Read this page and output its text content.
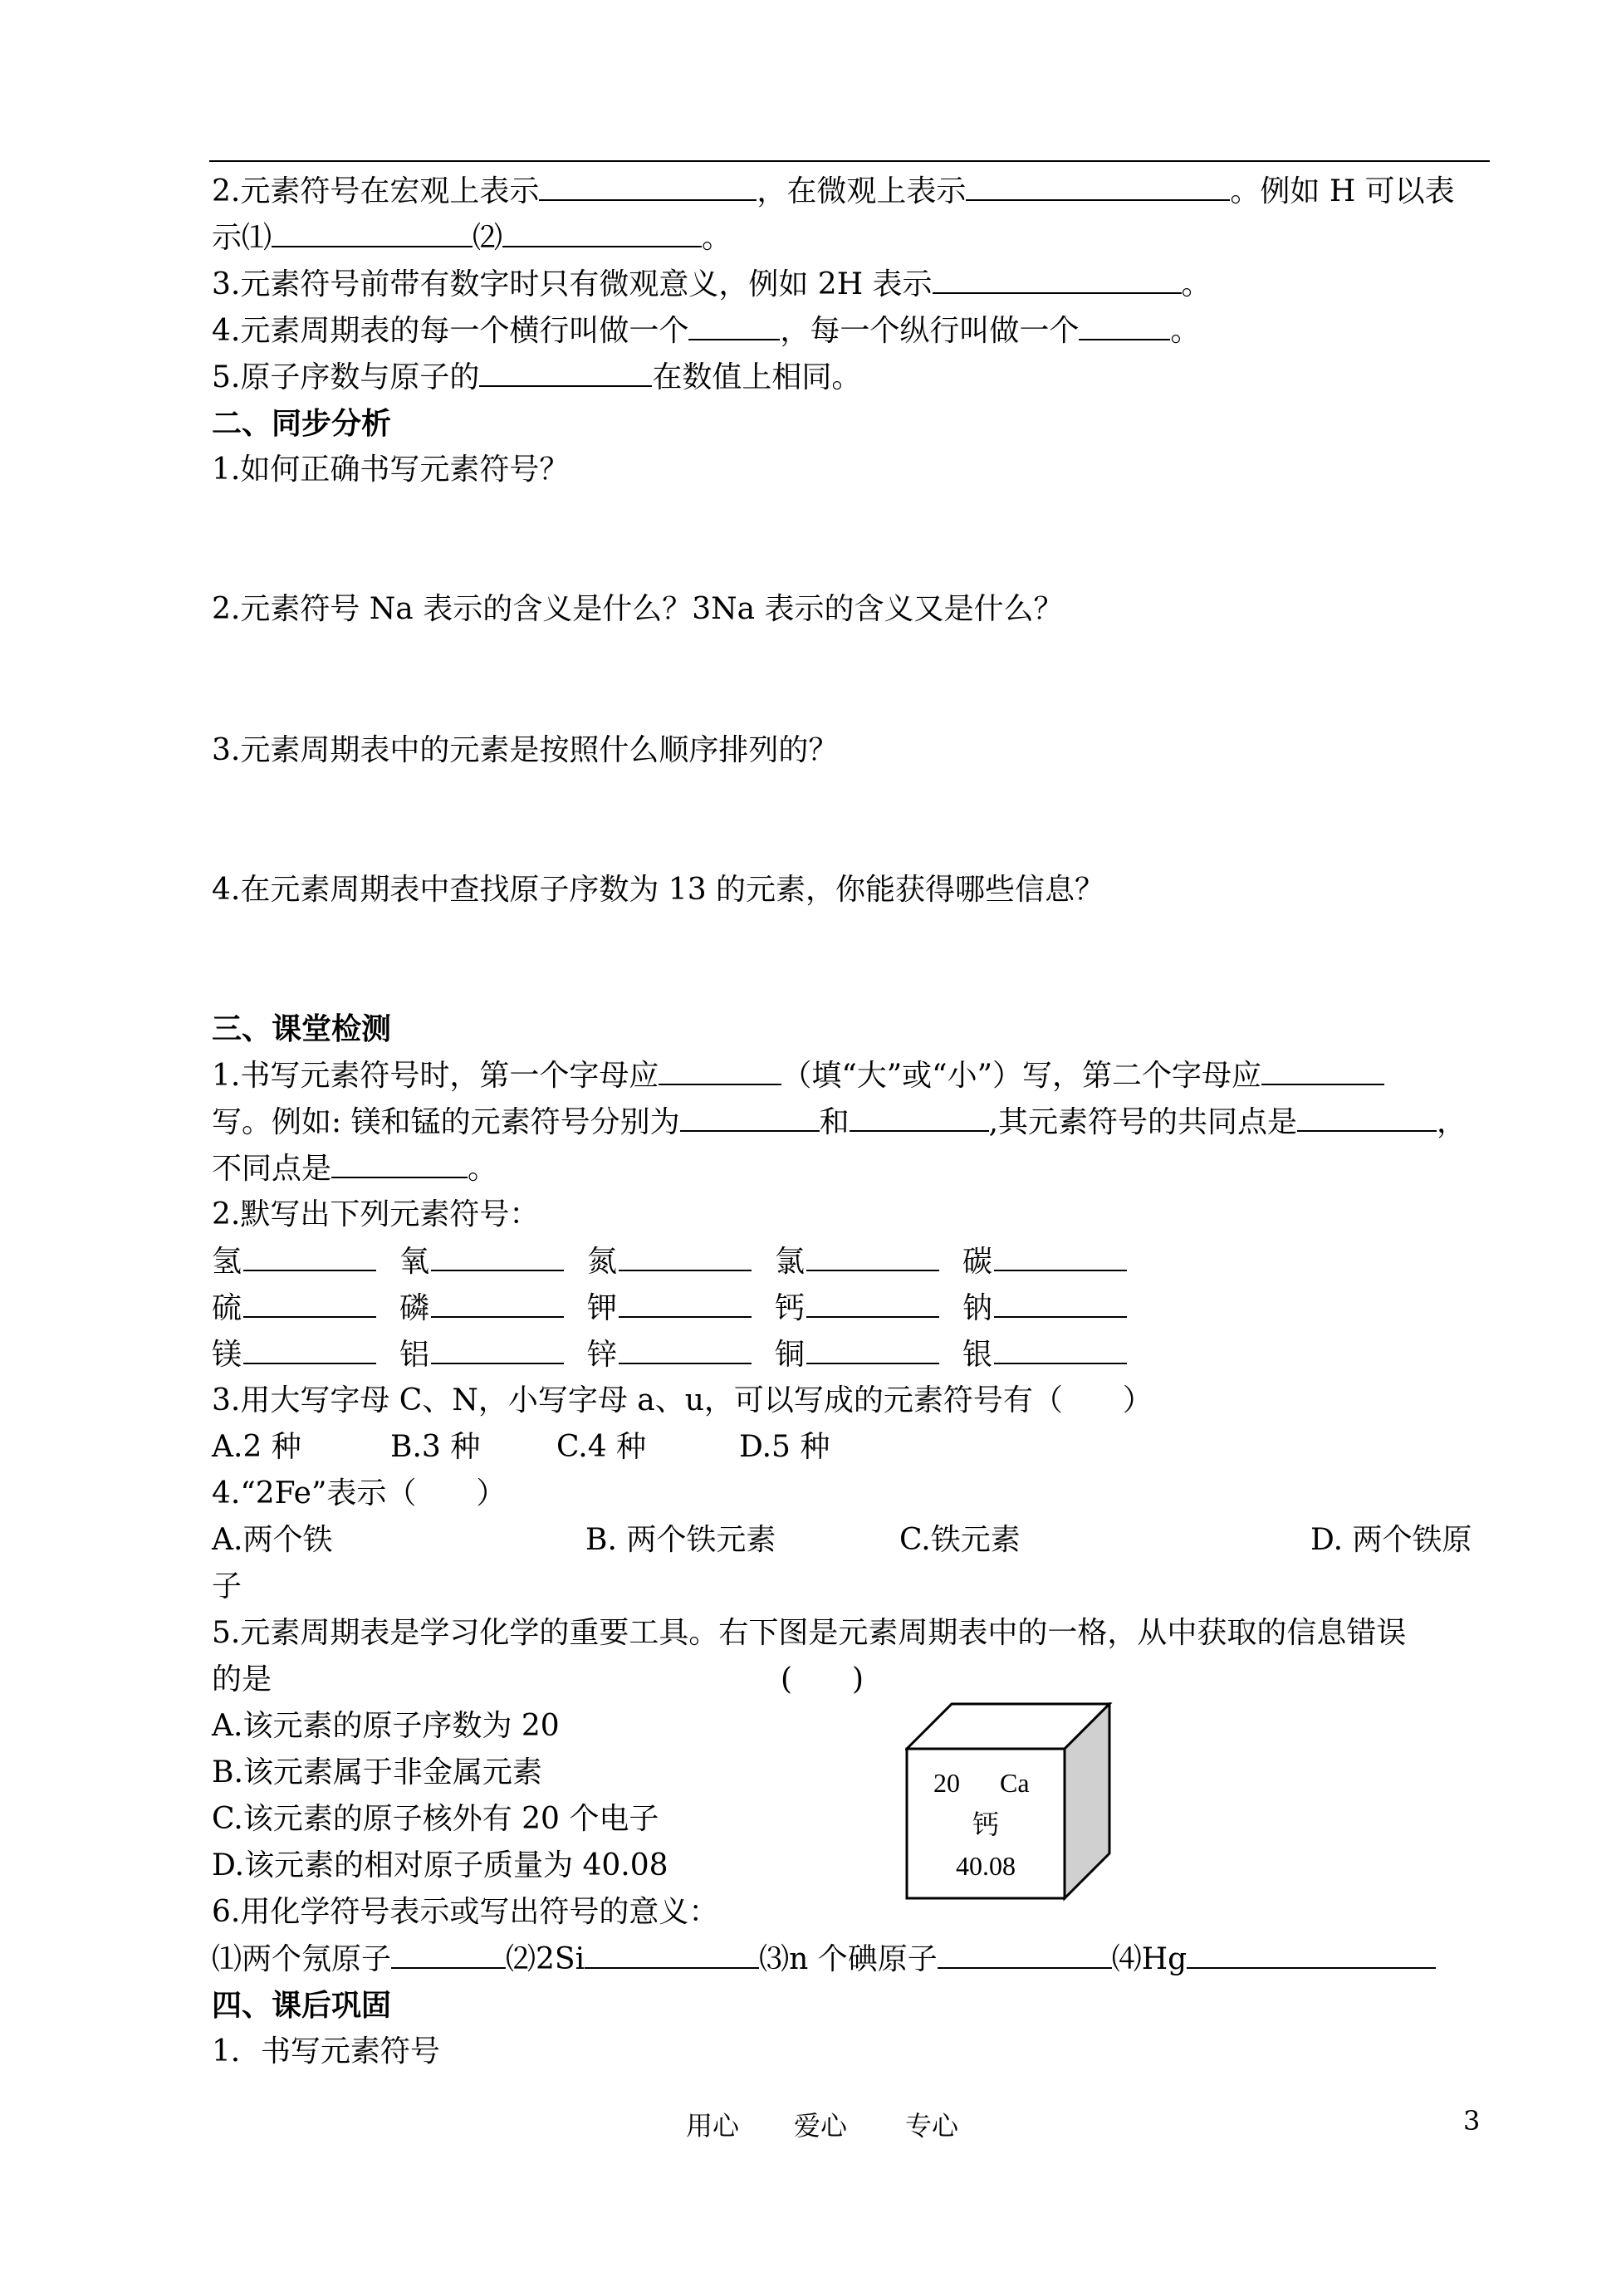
2.元素符号在宏观上表示	，在微观上表示	。例如 H 可以表
示⑴	⑵	。
3.元素符号前带有数字时只有微观意义，例如 2H 表示	。
4.元素周期表的每一个横行叫做一个	，每一个纵行叫做一个	。
5.原子序数与原子的	在数值上相同。
二、同步分析
1.如何正确书写元素符号？
2.元素符号 Na 表示的含义是什么？3Na 表示的含义又是什么？
3.元素周期表中的元素是按照什么顺序排列的？
4.在元素周期表中查找原子序数为 13 的元素，你能获得哪些信息？
三、课堂检测
1.书写元素符号时，第一个字母应	（填“大”或“小”）写，第二个字母应
写。例如: 镁和锰的元素符号分别为	和	,其元素符号的共同点是	，
不同点是	。
2.默写出下列元素符号：
氢	氧	氮	氯	碳
硫	磷	钾	钙	钠
镁	铝	锌	铜	银
3.用大写字母 C、N，小写字母 a、u，可以写成的元素符号有（　　）
A.2 种	B.3 种	C.4 种	D.5 种
4.“2Fe”表示（　　）
A.两个铁	B. 两个铁元素	C.铁元素	D. 两个铁原
子
5.元素周期表是学习化学的重要工具。右下图是元素周期表中的一格，从中获取的信息错误
的是	(　　)
A.该元素的原子序数为 20
B.该元素属于非金属元素
C.该元素的原子核外有 20 个电子
D.该元素的相对原子质量为 40.08
20 Ca
钙
40.08
6.用化学符号表示或写出符号的意义：
⑴两个氖原子	⑵2Si	⑶n 个碘原子	⑷Hg
四、课后巩固
1．书写元素符号
用心 爱心 专心	3
